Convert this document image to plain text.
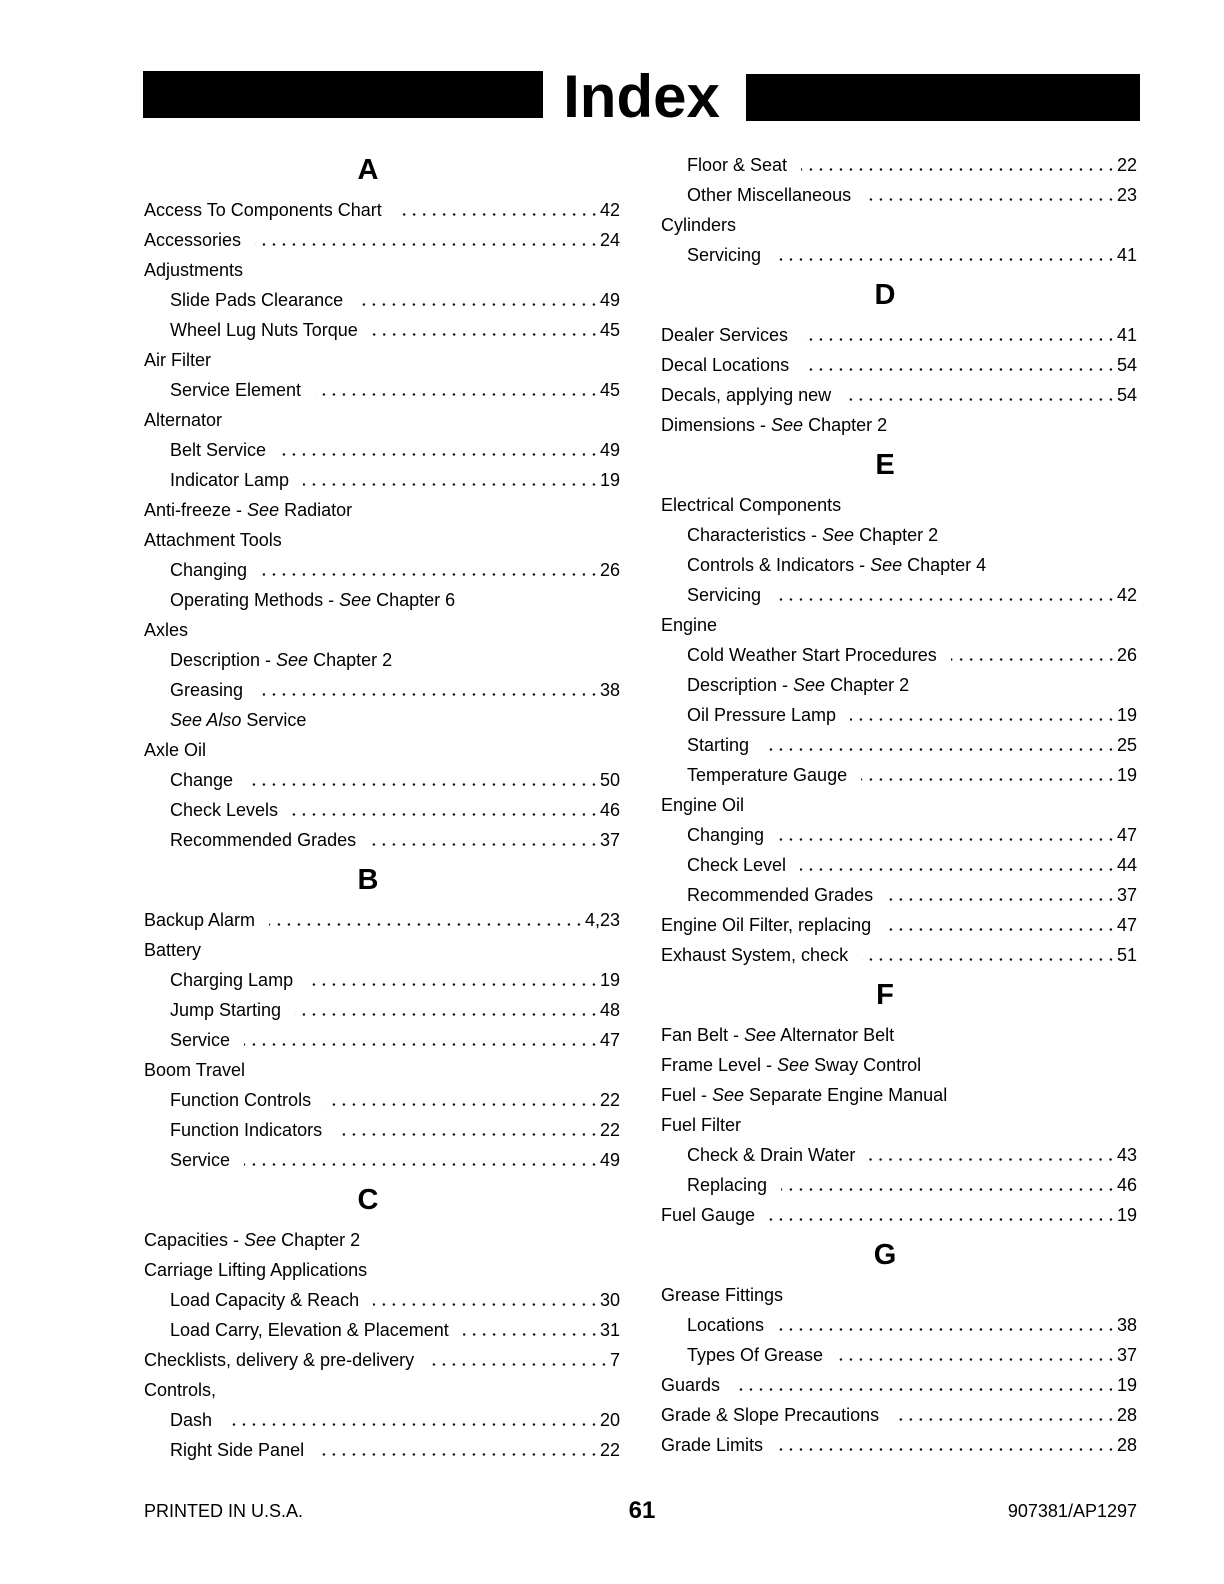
Index
A
Access To Components Chart	42
Accessories	24
Adjustments
Slide Pads Clearance	49
Wheel Lug Nuts Torque	45
Air Filter
Service Element	45
Alternator
Belt Service	49
Indicator Lamp	19
Anti-freeze - See Radiator
Attachment Tools
Changing	26
Operating Methods - See Chapter 6
Axles
Description - See Chapter 2
Greasing	38
See Also Service
Axle Oil
Change	50
Check Levels	46
Recommended Grades	37
B
Backup Alarm	4,23
Battery
Charging Lamp	19
Jump Starting	48
Service	47
Boom Travel
Function Controls	22
Function Indicators	22
Service	49
C
Capacities - See Chapter 2
Carriage Lifting Applications
Load Capacity & Reach	30
Load Carry, Elevation & Placement	31
Checklists, delivery & pre-delivery	7
Controls,
Dash	20
Right Side Panel	22
Floor & Seat	22
Other Miscellaneous	23
Cylinders
Servicing	41
D
Dealer Services	41
Decal Locations	54
Decals, applying new	54
Dimensions - See Chapter 2
E
Electrical Components
Characteristics - See Chapter 2
Controls & Indicators - See Chapter 4
Servicing	42
Engine
Cold Weather Start Procedures	26
Description - See Chapter 2
Oil Pressure Lamp	19
Starting	25
Temperature Gauge	19
Engine Oil
Changing	47
Check Level	44
Recommended Grades	37
Engine Oil Filter, replacing	47
Exhaust System, check	51
F
Fan Belt - See Alternator Belt
Frame Level - See Sway Control
Fuel - See Separate Engine Manual
Fuel Filter
Check & Drain Water	43
Replacing	46
Fuel Gauge	19
G
Grease Fittings
Locations	38
Types Of Grease	37
Guards	19
Grade & Slope Precautions	28
Grade Limits	28
PRINTED IN U.S.A.	61	907381/AP1297
